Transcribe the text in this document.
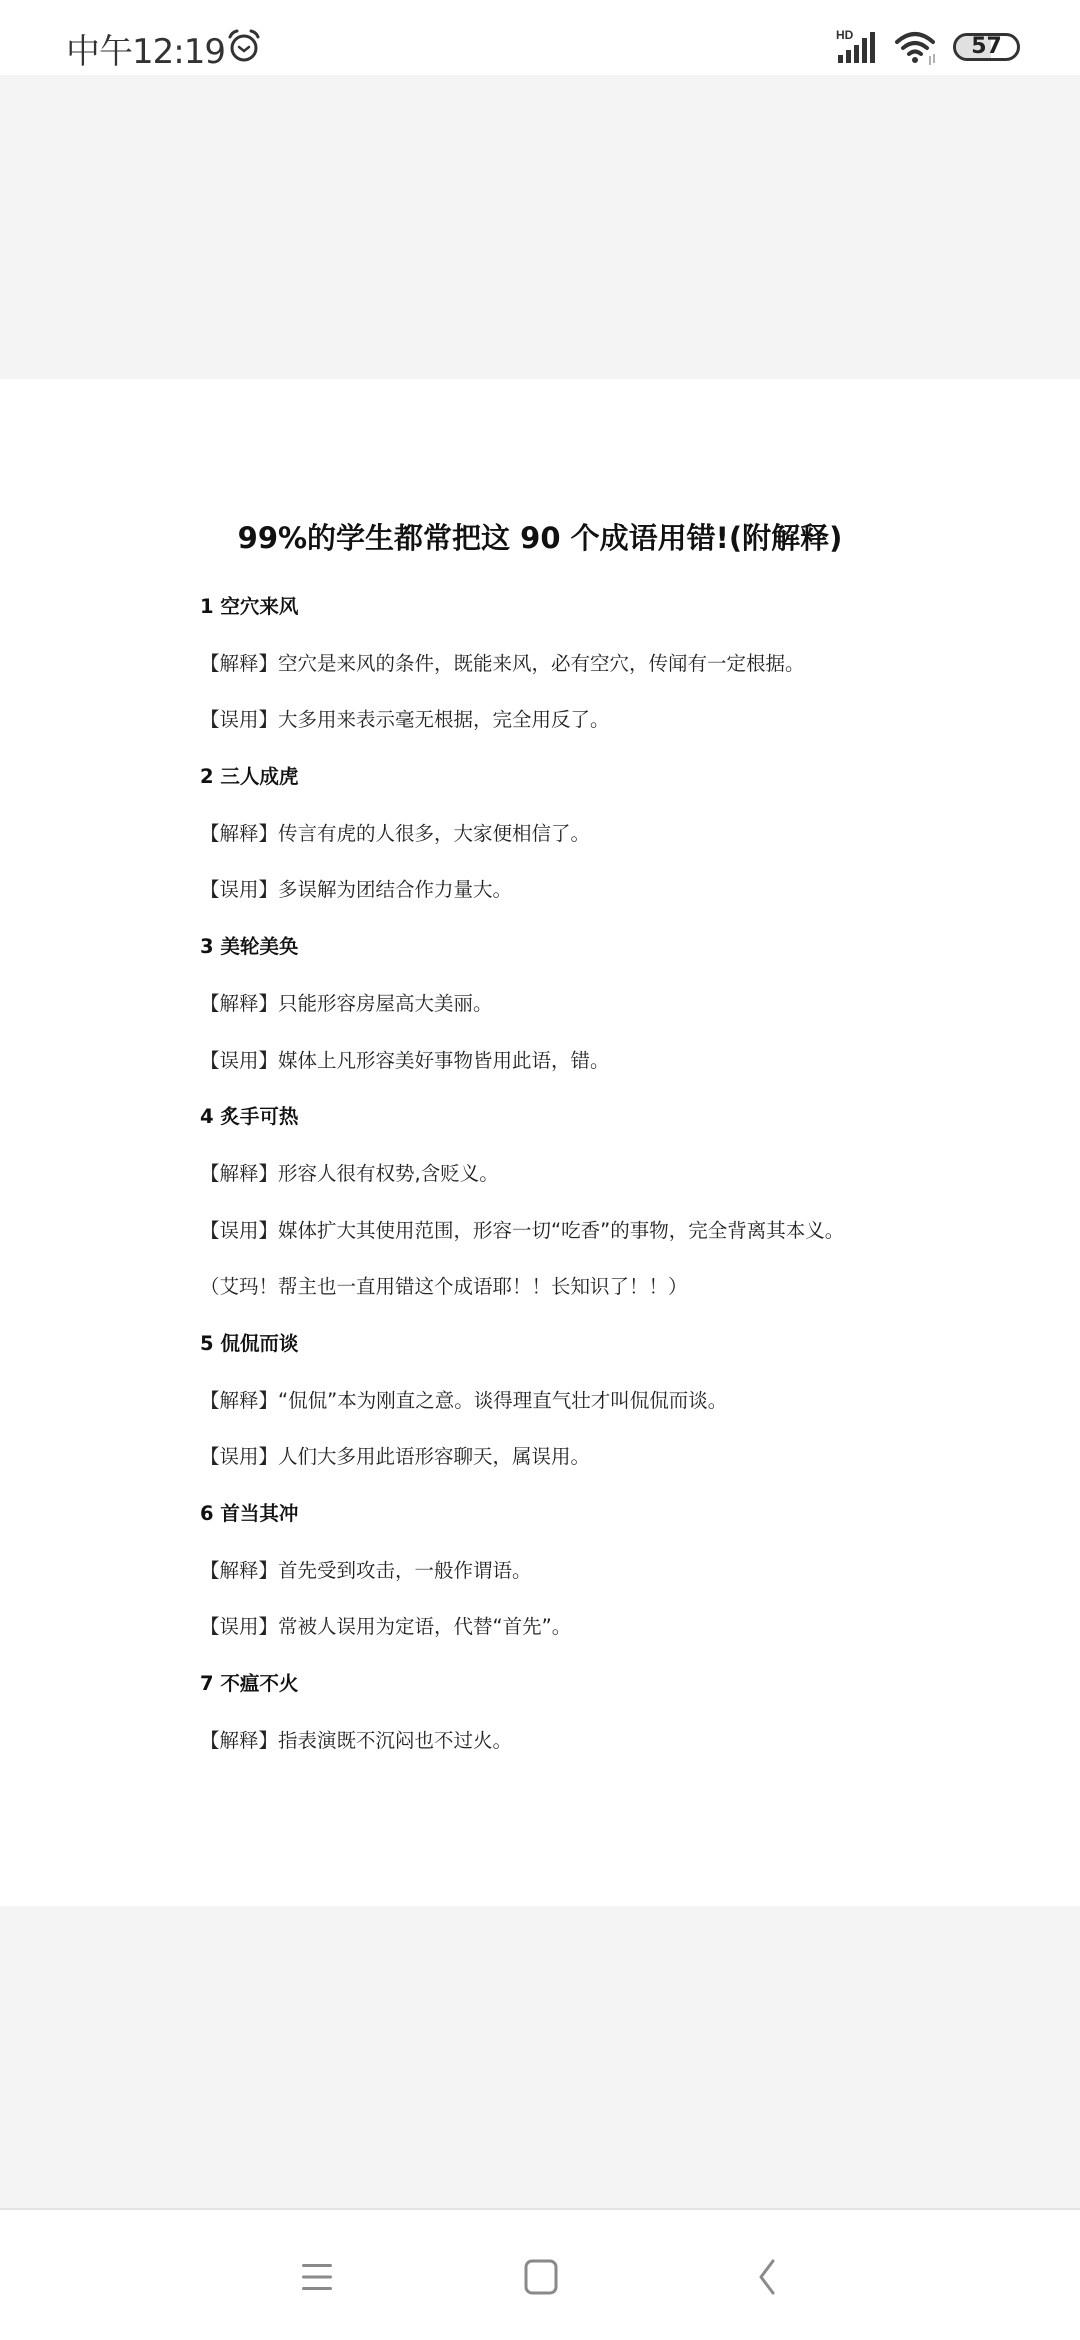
中午12:19	HD	57
99%的学生都常把这 90 个成语用错!(附解释)
1 空穴来风
【解释】空穴是来风的条件，既能来风，必有空穴，传闻有一定根据。
【误用】大多用来表示毫无根据，完全用反了。
2 三人成虎
【解释】传言有虎的人很多，大家便相信了。
【误用】多误解为团结合作力量大。
3 美轮美奂
【解释】只能形容房屋高大美丽。
【误用】媒体上凡形容美好事物皆用此语，错。
4 炙手可热
【解释】形容人很有权势,含贬义。
【误用】媒体扩大其使用范围，形容一切“吃香”的事物，完全背离其本义。
（艾玛！帮主也一直用错这个成语耶！！长知识了！！）
5 侃侃而谈
【解释】“侃侃”本为刚直之意。谈得理直气壮才叫侃侃而谈。
【误用】人们大多用此语形容聊天，属误用。
6 首当其冲
【解释】首先受到攻击，一般作谓语。
【误用】常被人误用为定语，代替“首先”。
7 不瘟不火
【解释】指表演既不沉闷也不过火。
